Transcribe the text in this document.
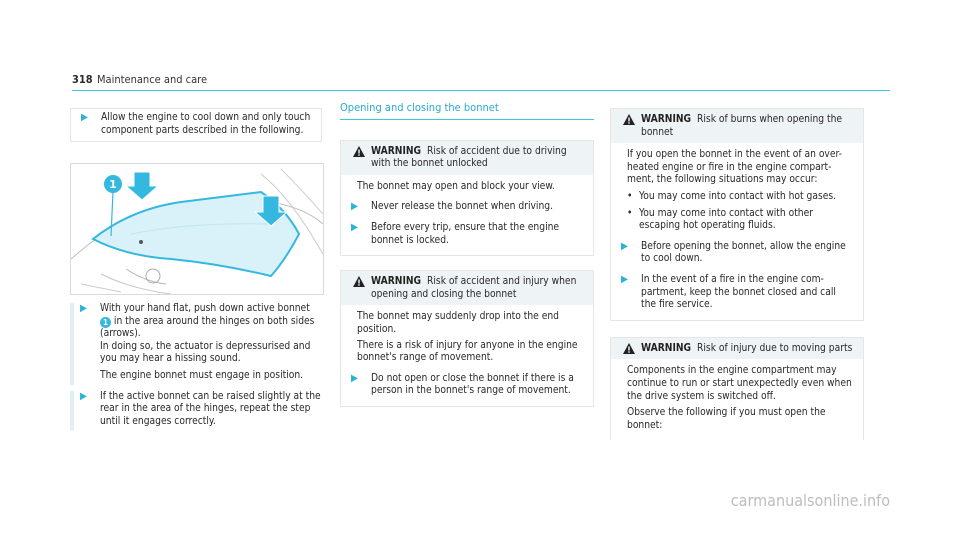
318 Maintenance and care
▶ Allow the engine to cool down and only touch component parts described in the following.
1
▶ With your hand flat, push down active bonnet 1 in the area around the hinges on both sides (arrows).
In doing so, the actuator is depressurised and you may hear a hissing sound.
The engine bonnet must engage in position.
▶ If the active bonnet can be raised slightly at the rear in the area of the hinges, repeat the step until it engages correctly.
Opening and closing the bonnet
WARNING Risk of accident due to driving with the bonnet unlocked
The bonnet may open and block your view.
▶ Never release the bonnet when driving.
▶ Before every trip, ensure that the engine bonnet is locked.
WARNING Risk of accident and injury when opening and closing the bonnet
The bonnet may suddenly drop into the end position.
There is a risk of injury for anyone in the engine bonnet's range of movement.
▶ Do not open or close the bonnet if there is a person in the bonnet's range of movement.
WARNING Risk of burns when opening the bonnet
If you open the bonnet in the event of an over-heated engine or fire in the engine compart-ment, the following situations may occur:
• You may come into contact with hot gases.
• You may come into contact with other escaping hot operating fluids.
▶ Before opening the bonnet, allow the engine to cool down.
▶ In the event of a fire in the engine com-partment, keep the bonnet closed and call the fire service.
WARNING Risk of injury due to moving parts
Components in the engine compartment may continue to run or start unexpectedly even when the drive system is switched off.
Observe the following if you must open the bonnet:
carmanualsonline.info
